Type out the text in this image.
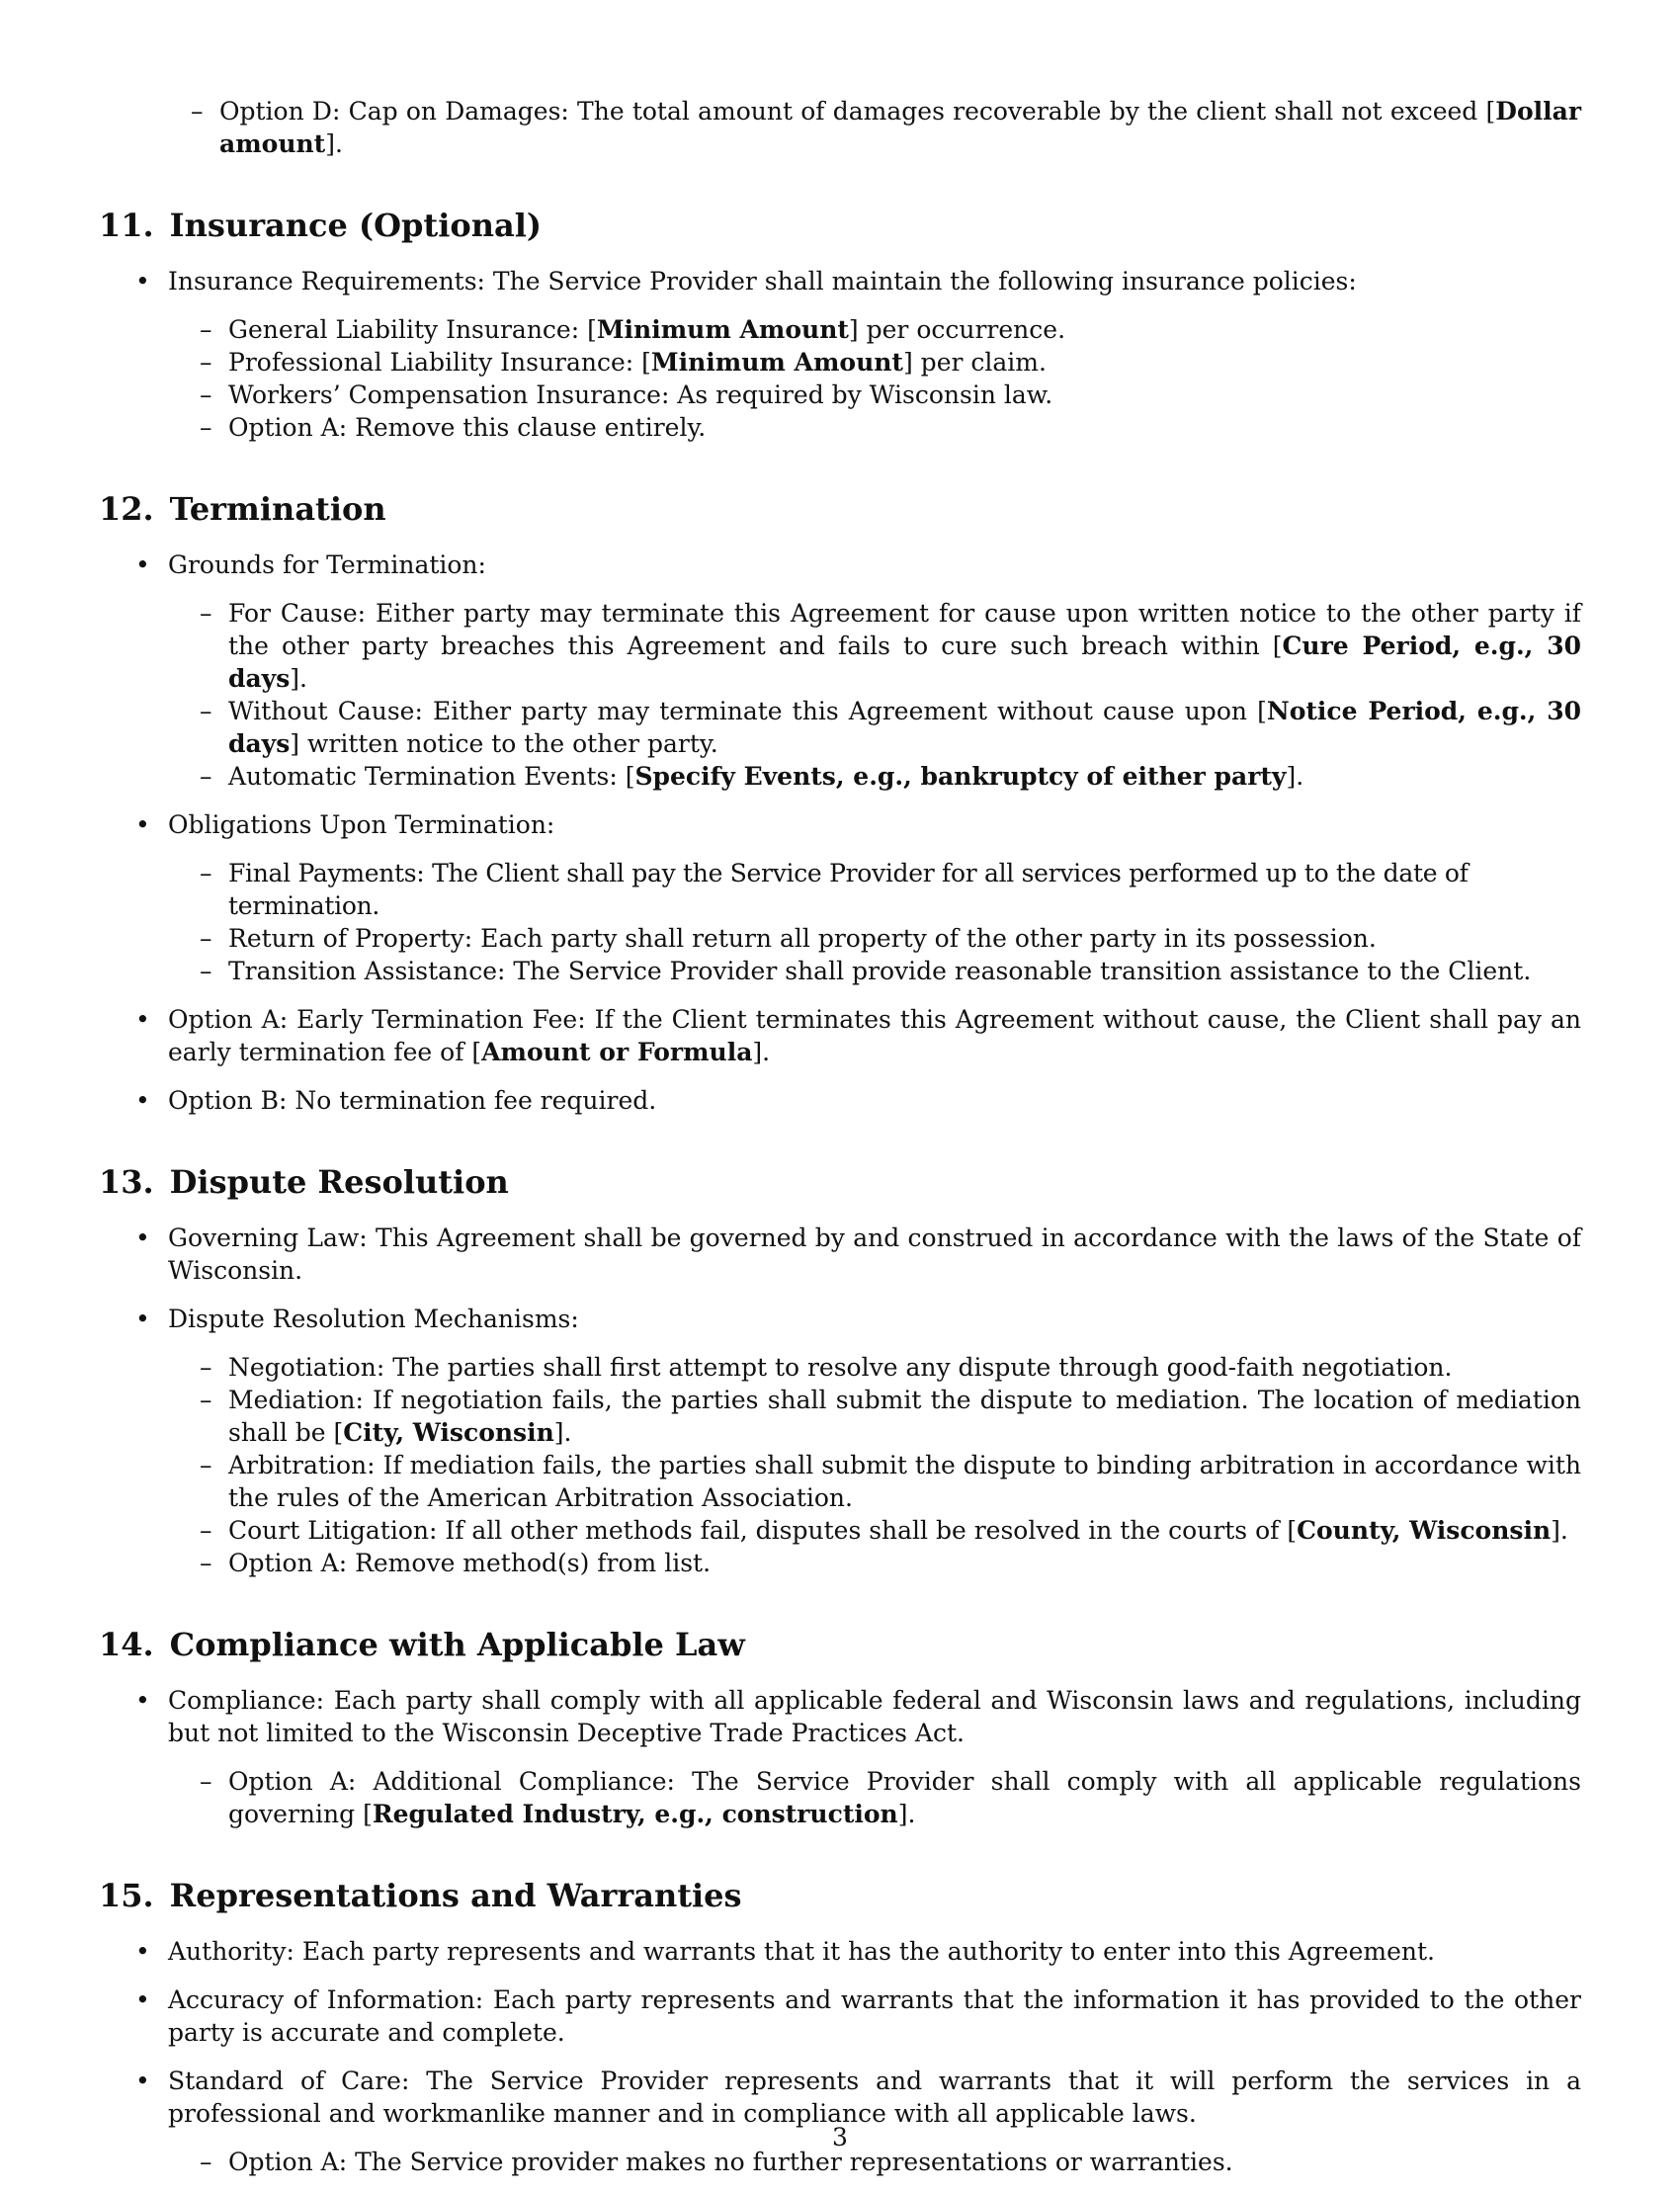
– Option D: Cap on Damages: The total amount of damages recoverable by the client shall not exceed [Dollar amount].
11. Insurance (Optional)
• Insurance Requirements: The Service Provider shall maintain the following insurance policies:
– General Liability Insurance: [Minimum Amount] per occurrence.
– Professional Liability Insurance: [Minimum Amount] per claim.
– Workers’ Compensation Insurance: As required by Wisconsin law.
– Option A: Remove this clause entirely.
12. Termination
• Grounds for Termination:
– For Cause: Either party may terminate this Agreement for cause upon written notice to the other party if the other party breaches this Agreement and fails to cure such breach within [Cure Period, e.g., 30 days].
– Without Cause: Either party may terminate this Agreement without cause upon [Notice Period, e.g., 30 days] written notice to the other party.
– Automatic Termination Events: [Specify Events, e.g., bankruptcy of either party].
• Obligations Upon Termination:
– Final Payments: The Client shall pay the Service Provider for all services performed up to the date of termination.
– Return of Property: Each party shall return all property of the other party in its possession.
– Transition Assistance: The Service Provider shall provide reasonable transition assistance to the Client.
• Option A: Early Termination Fee: If the Client terminates this Agreement without cause, the Client shall pay an early termination fee of [Amount or Formula].
• Option B: No termination fee required.
13. Dispute Resolution
• Governing Law: This Agreement shall be governed by and construed in accordance with the laws of the State of Wisconsin.
• Dispute Resolution Mechanisms:
– Negotiation: The parties shall first attempt to resolve any dispute through good-faith negotiation.
– Mediation: If negotiation fails, the parties shall submit the dispute to mediation. The location of mediation shall be [City, Wisconsin].
– Arbitration: If mediation fails, the parties shall submit the dispute to binding arbitration in accordance with the rules of the American Arbitration Association.
– Court Litigation: If all other methods fail, disputes shall be resolved in the courts of [County, Wisconsin].
– Option A: Remove method(s) from list.
14. Compliance with Applicable Law
• Compliance: Each party shall comply with all applicable federal and Wisconsin laws and regulations, including but not limited to the Wisconsin Deceptive Trade Practices Act.
– Option A: Additional Compliance: The Service Provider shall comply with all applicable regulations governing [Regulated Industry, e.g., construction].
15. Representations and Warranties
• Authority: Each party represents and warrants that it has the authority to enter into this Agreement.
• Accuracy of Information: Each party represents and warrants that the information it has provided to the other party is accurate and complete.
• Standard of Care: The Service Provider represents and warrants that it will perform the services in a professional and workmanlike manner and in compliance with all applicable laws.
– Option A: The Service provider makes no further representations or warranties.
3
